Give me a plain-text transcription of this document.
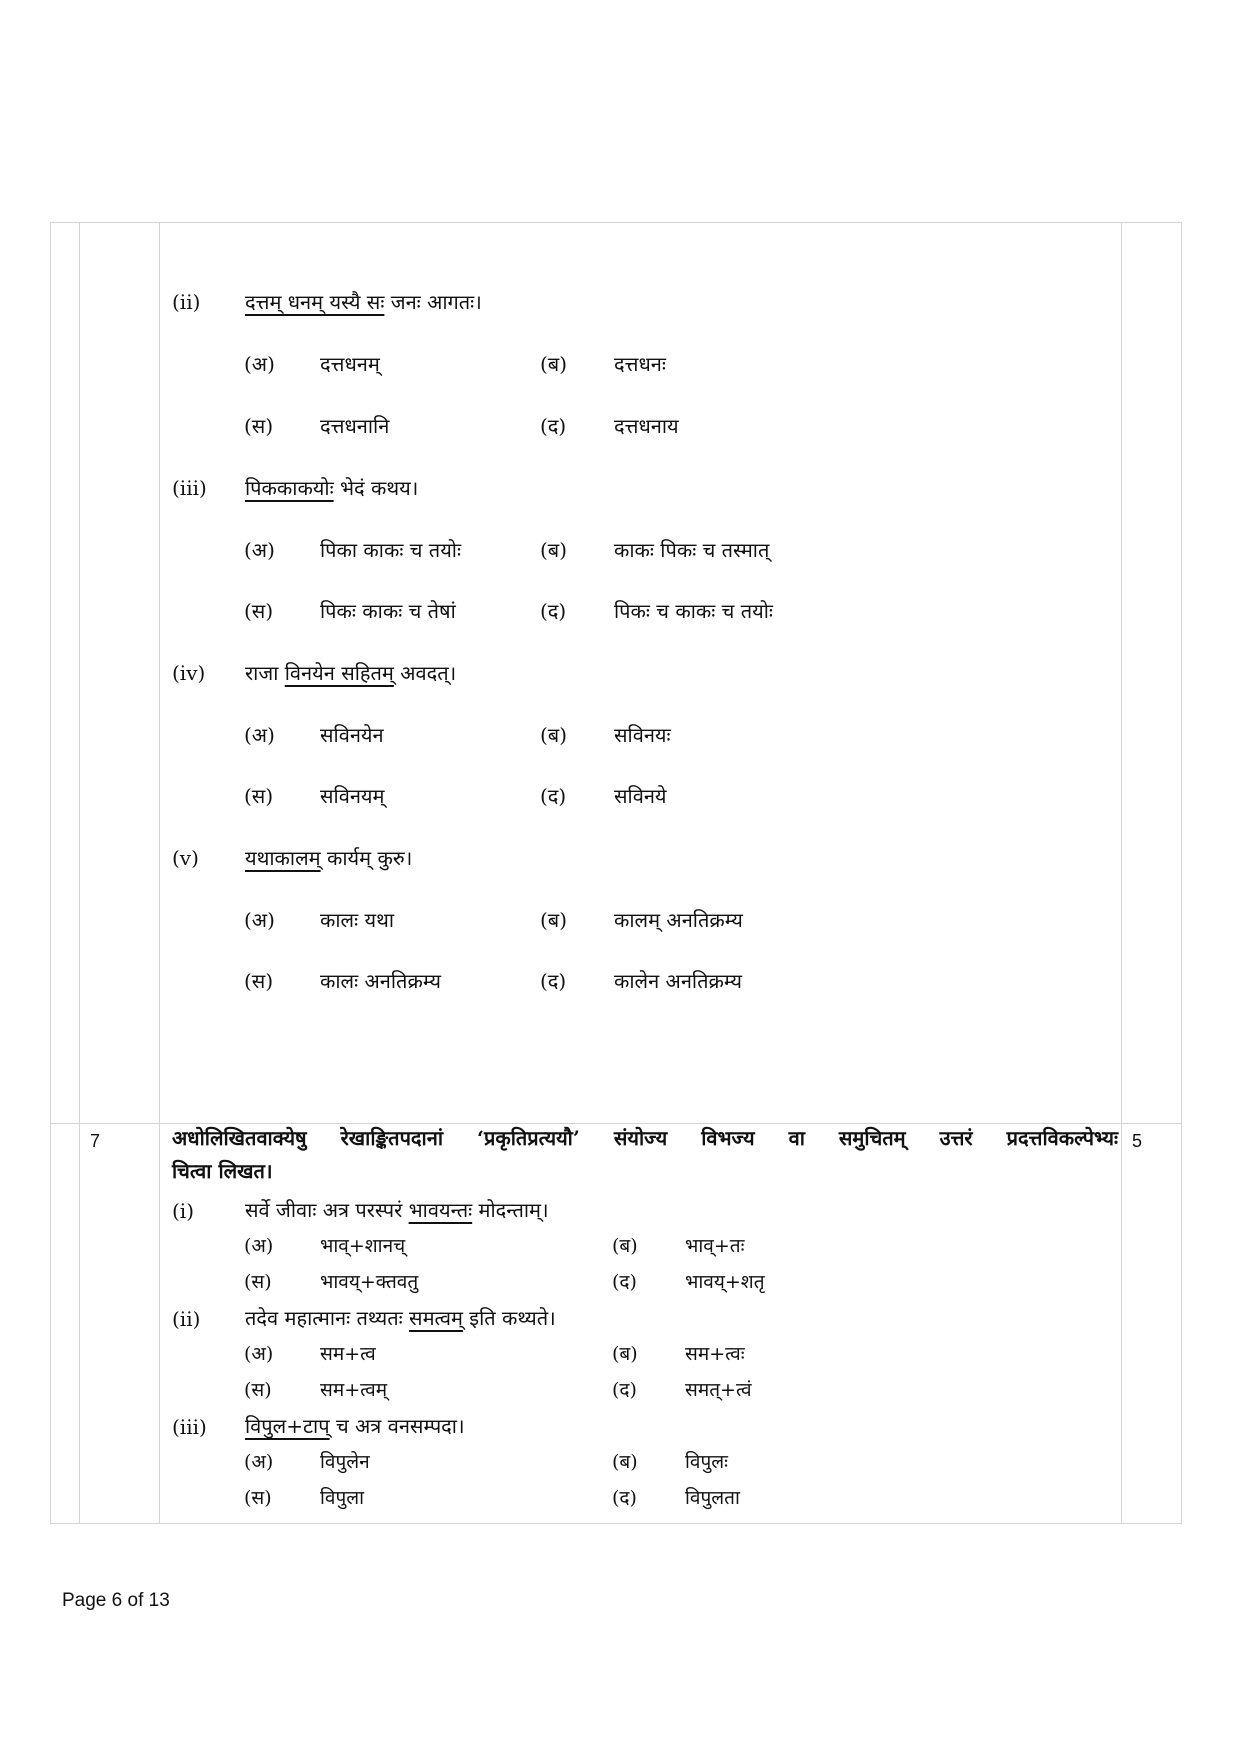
(ii) दत्तम् धनम् यस्यै सः जनः आगतः।
(अ) दत्तधनम्	(ब) दत्तधनः
(स) दत्तधनानि	(द) दत्तधनाय
(iii) पिककाकयोः भेदं कथय।
(अ) पिका काकः च तयोः	(ब) काकः पिकः च तस्मात्
(स) पिकः काकः च तेषां	(द) पिकः च काकः च तयोः
(iv) राजा विनयेन सहितम् अवदत्।
(अ) सविनयेन	(ब) सविनयः
(स) सविनयम्	(द) सविनये
(v) यथाकालम् कार्यम् कुरु।
(अ) कालः यथा	(ब) कालम् अनतिक्रम्य
(स) कालः अनतिक्रम्य	(द) कालेन अनतिक्रम्य
7	5
अधोलिखितवाक्येषु रेखाङ्कितपदानां ‘प्रकृतिप्रत्ययौ’ संयोज्य विभज्य वा समुचितम् उत्तरं प्रदत्तविकल्पेभ्यः
चित्वा लिखत।
(i)	सर्वे जीवाः अत्र परस्परं भावयन्तः मोदन्ताम्।
(अ) भाव्+शानच्	(ब) भाव्+तः
(स)	भावय्+क्तवतु	(द)	भावय्+शतृ
(ii) तदेव महात्मानः तथ्यतः समत्वम् इति कथ्यते।
(अ) सम+त्व	(ब) सम+त्वः
(स)	सम+त्वम्	(द)	समत्+त्वं
(iii) विपुल+टाप् च अत्र वनसम्पदा।
(अ) विपुलेन	(ब) विपुलः
(स)	विपुला	(द)	विपुलता
Page 6 of 13
